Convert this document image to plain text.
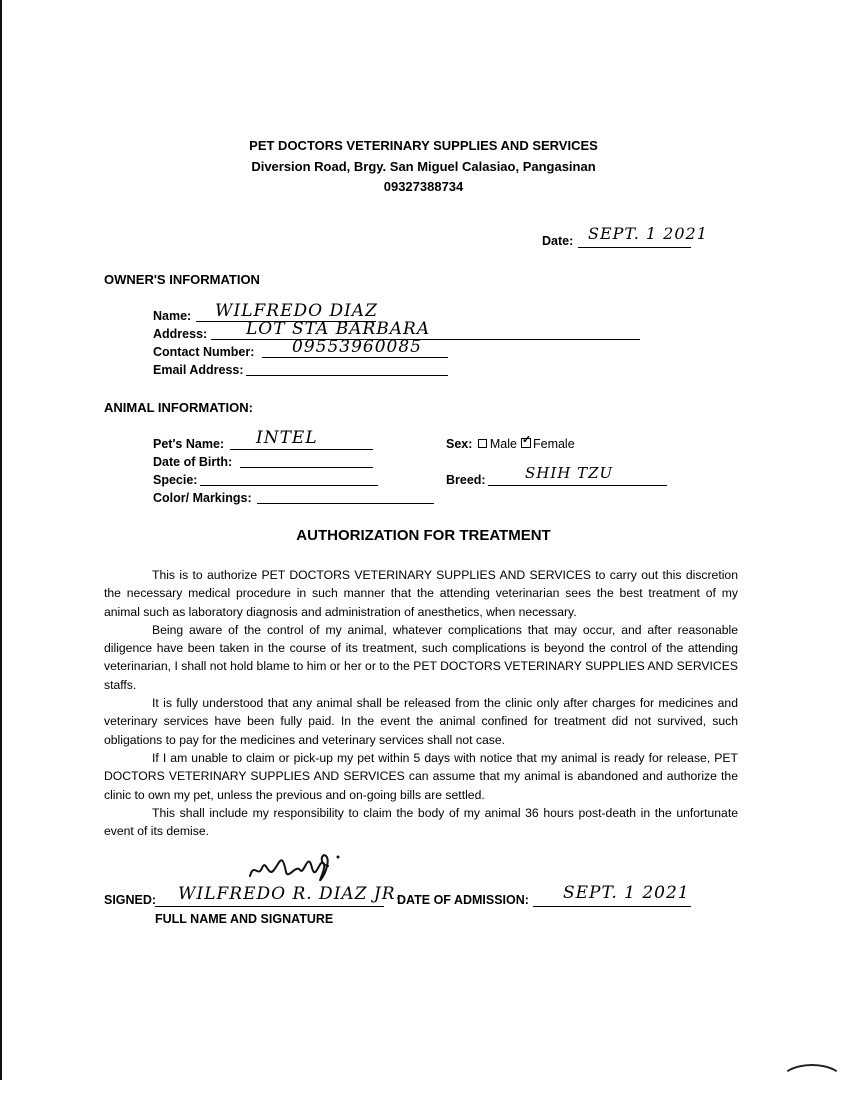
PET DOCTORS VETERINARY SUPPLIES AND SERVICES
Diversion Road, Brgy. San Miguel Calasiao, Pangasinan
09327388734
Date: SEPT. 1 2021
OWNER'S INFORMATION
Name: WILFREDO DIAZ
Address: LOT STA BARBARA
Contact Number: 09553960085
Email Address:
ANIMAL INFORMATION:
Pet's Name: INTEL
Date of Birth:
Specie:
Color/ Markings:
Sex: Male✓ Female
Breed:	SHIH TZU
AUTHORIZATION FOR TREATMENT

This is to authorize PET DOCTORS VETERINARY SUPPLIES AND SERVICES to carry out this discretion the necessary medical procedure in such manner that the attending veterinarian sees the best treatment of my animal such as laboratory diagnosis and administration of anesthetics, when necessary.

Being aware of the control of my animal, whatever complications that may occur, and after reasonable diligence have been taken in the course of its treatment, such complications is beyond the control of the attending veterinarian, I shall not hold blame to him or her or to the PET DOCTORS VETERINARY SUPPLIES AND SERVICES staffs.

It is fully understood that any animal shall be released from the clinic only after charges for medicines and veterinary services have been fully paid. In the event the animal confined for treatment did not survived, such obligations to pay for the medicines and veterinary services shall not case.

If I am unable to claim or pick-up my pet within 5 days with notice that my animal is ready for release, PET DOCTORS VETERINARY SUPPLIES AND SERVICES can assume that my animal is abandoned and authorize the clinic to own my pet, unless the previous and on-going bills are settled.

This shall include my responsibility to claim the body of my animal 36 hours post-death in the unfortunate event of its demise.

SIGNED: WILFREDO R. DIAZ JR.
FULL NAME AND SIGNATURE
DATE OF ADMISSION: SEPT. 1 2021
